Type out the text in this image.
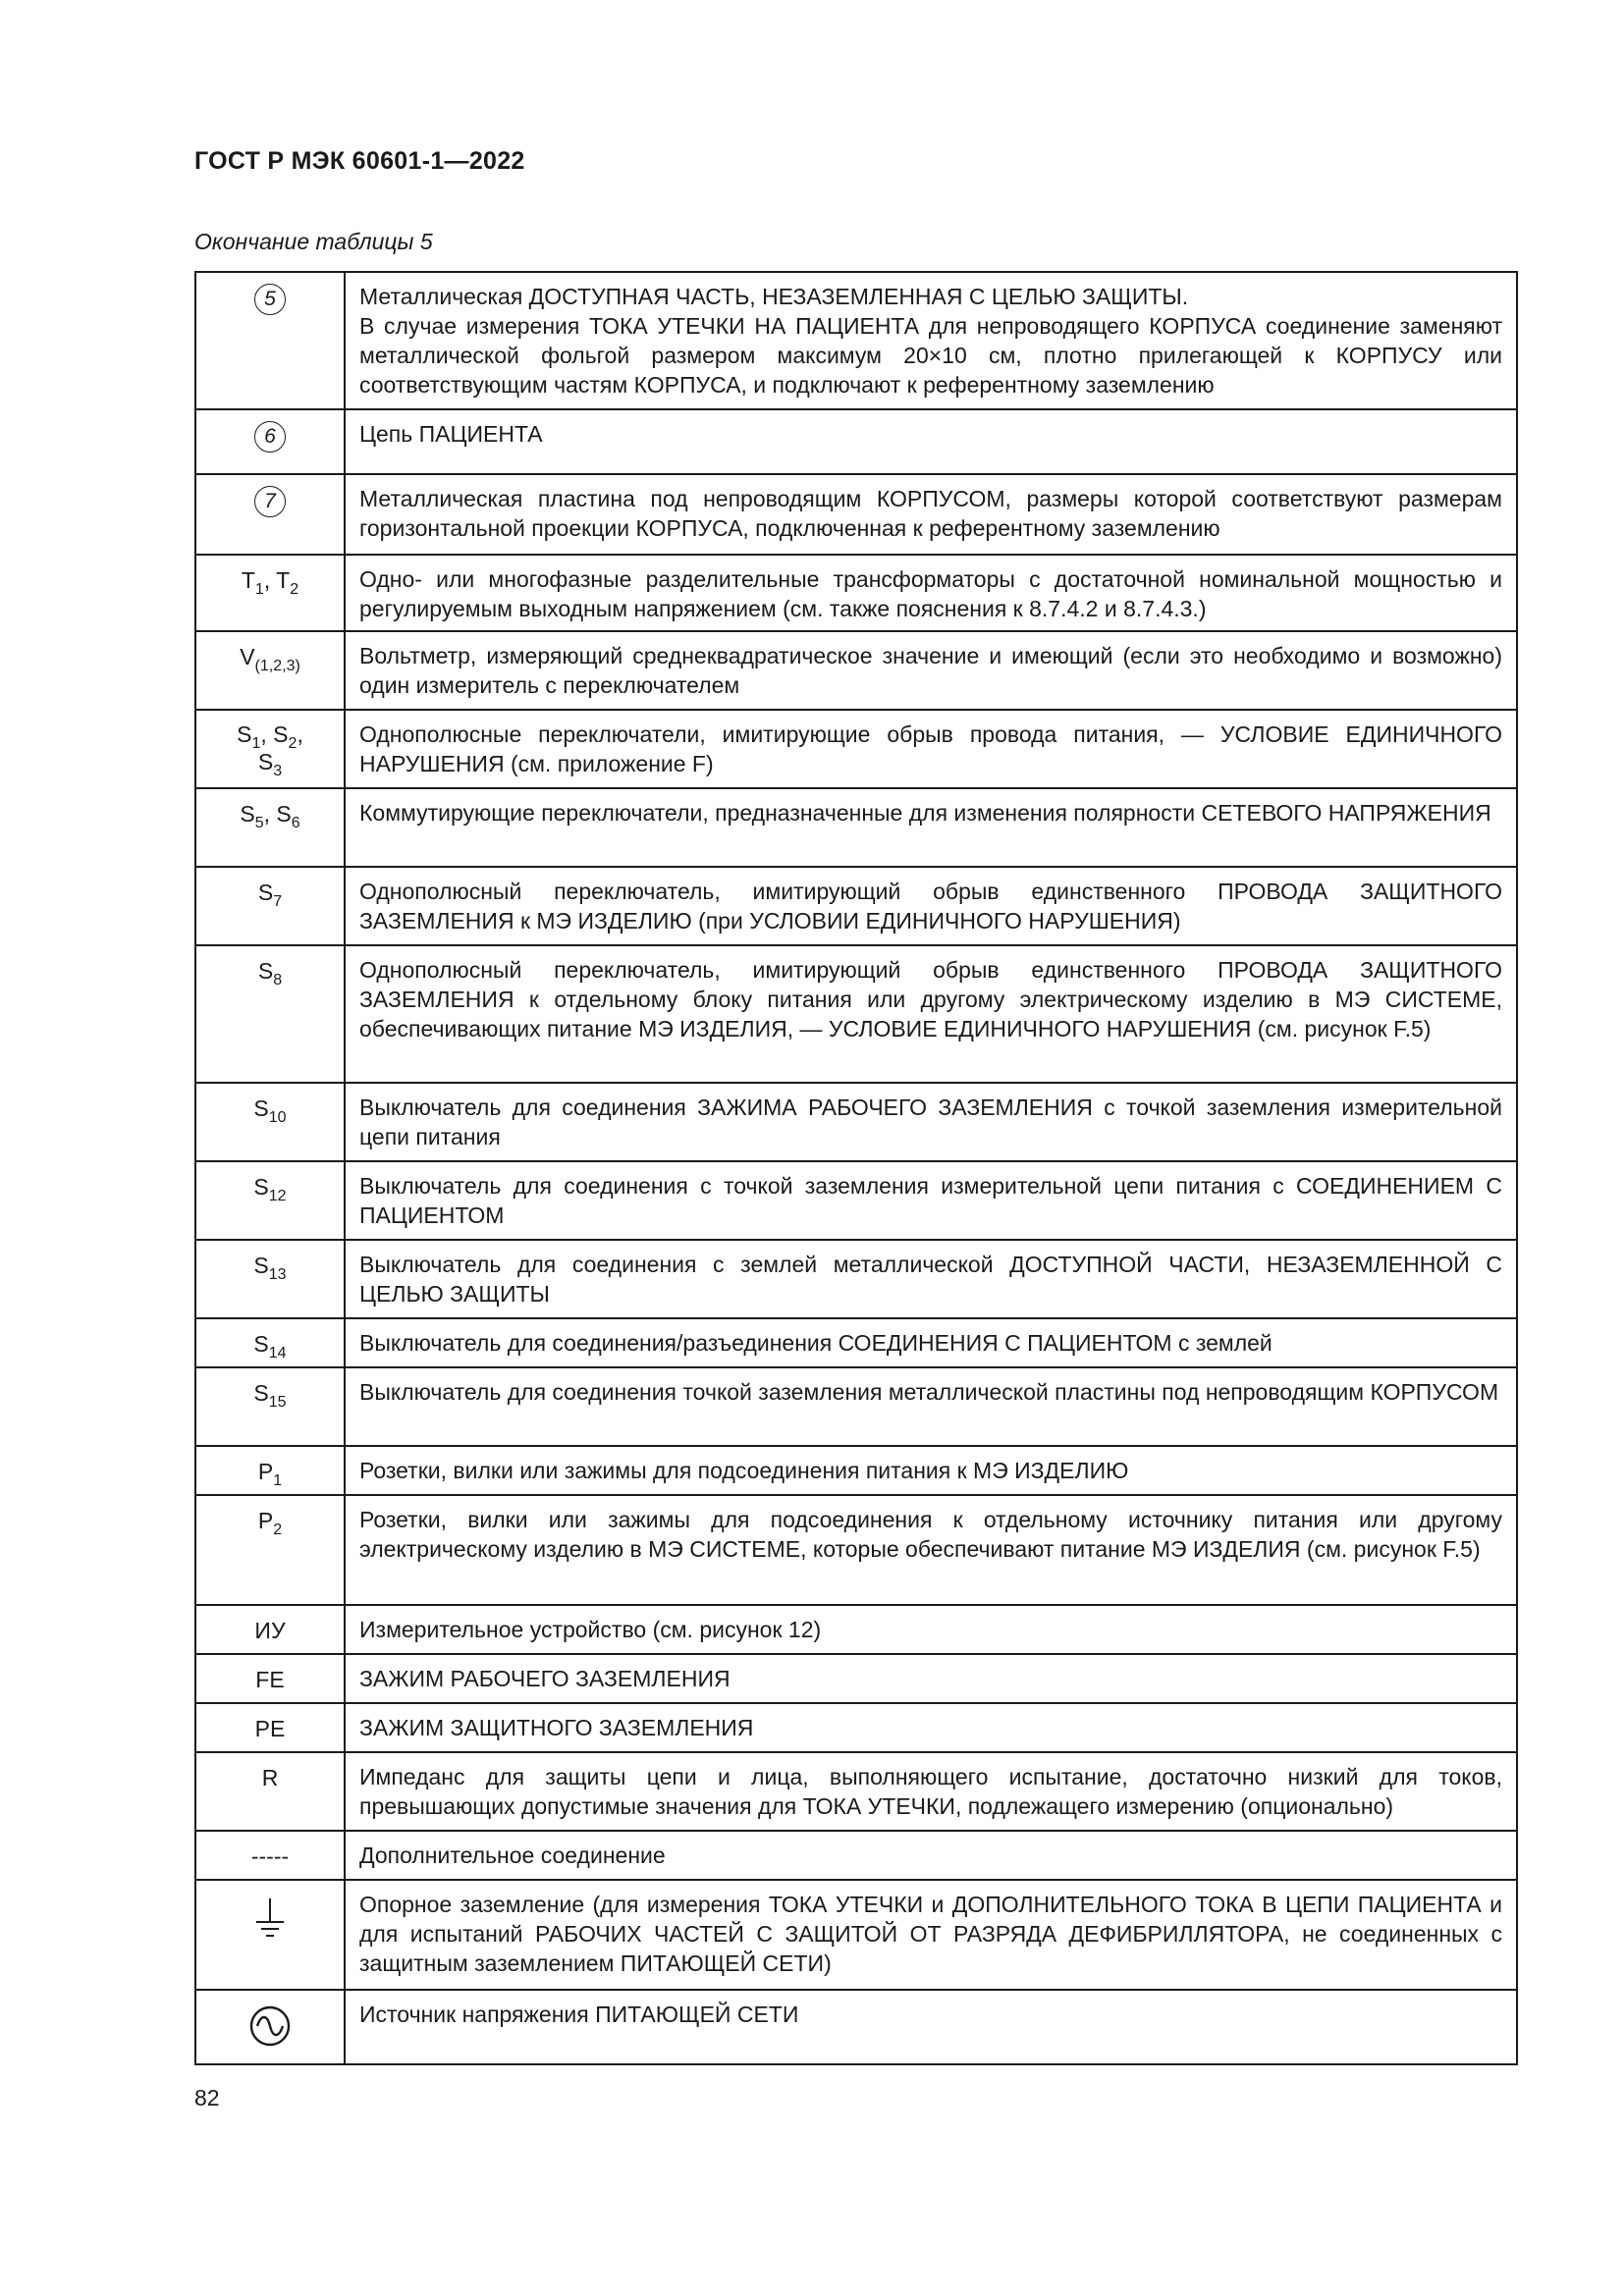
ГОСТ Р МЭК 60601-1—2022
Окончание таблицы 5
5	Металлическая ДОСТУПНАЯ ЧАСТЬ, НЕЗАЗЕМЛЕННАЯ С ЦЕЛЬЮ ЗАЩИТЫ.
В случае измерения ТОКА УТЕЧКИ НА ПАЦИЕНТА для непроводящего КОРПУСА соединение заменяют металлической фольгой размером максимум 20×10 см, плотно прилегающей к КОРПУСУ или соответствующим частям КОРПУСА, и подключают к референтному заземлению

6	Цепь ПАЦИЕНТА
7	Металлическая пластина под непроводящим КОРПУСОМ, размеры которой соответствуют размерам горизонтальной проекции КОРПУСА, подключенная к референтному заземлению
$T_1$, $T_2$	Одно- или многофазные разделительные трансформаторы с достаточной номинальной мощностью и регулируемым выходным напряжением (см. также пояснения к 8.7.4.2 и 8.7.4.3.)
$V_{(1,2,3)}$	Вольтметр, измеряющий среднеквадратическое значение и имеющий (если это необходимо и возможно) один измеритель с переключателем
$S_1$, $S_2$,
$S_3$	Однополюсные переключатели, имитирующие обрыв провода питания, — УСЛОВИЕ ЕДИНИЧНОГО НАРУШЕНИЯ (см. приложение F)
$S_5$, $S_6$	Коммутирующие переключатели, предназначенные для изменения полярности СЕТЕВОГО НАПРЯЖЕНИЯ
$S_7$	Однополюсный переключатель, имитирующий обрыв единственного ПРОВОДА ЗАЩИТНОГО ЗАЗЕМЛЕНИЯ к МЭ ИЗДЕЛИЮ (при УСЛОВИИ ЕДИНИЧНОГО НАРУШЕНИЯ)
$S_8$	Однополюсный переключатель, имитирующий обрыв единственного ПРОВОДА ЗАЩИТНОГО ЗАЗЕМЛЕНИЯ к отдельному блоку питания или другому электрическому изделию в МЭ СИСТЕМЕ, обеспечивающих питание МЭ ИЗДЕЛИЯ, — УСЛОВИЕ ЕДИНИЧНОГО НАРУШЕНИЯ (см. рисунок F.5)
$S_{10}$	Выключатель для соединения ЗАЖИМА РАБОЧЕГО ЗАЗЕМЛЕНИЯ с точкой заземления измерительной цепи питания
$S_{12}$	Выключатель для соединения с точкой заземления измерительной цепи питания с СОЕДИНЕНИЕМ С ПАЦИЕНТОМ
$S_{13}$	Выключатель для соединения с землей металлической ДОСТУПНОЙ ЧАСТИ, НЕЗАЗЕМЛЕННОЙ С ЦЕЛЬЮ ЗАЩИТЫ
$S_{14}$	Выключатель для соединения/разъединения СОЕДИНЕНИЯ С ПАЦИЕНТОМ с землей
$S_{15}$	Выключатель для соединения точкой заземления металлической пластины под непроводящим КОРПУСОМ
$P_1$	Розетки, вилки или зажимы для подсоединения питания к МЭ ИЗДЕЛИЮ
$P_2$	Розетки, вилки или зажимы для подсоединения к отдельному источнику питания или другому электрическому изделию в МЭ СИСТЕМЕ, которые обеспечивают питание МЭ ИЗДЕЛИЯ (см. рисунок F.5)
ИУ	Измерительное устройство (см. рисунок 12)
FE	ЗАЖИМ РАБОЧЕГО ЗАЗЕМЛЕНИЯ
PE	ЗАЖИМ ЗАЩИТНОГО ЗАЗЕМЛЕНИЯ
R	Импеданс для защиты цепи и лица, выполняющего испытание, достаточно низкий для токов, превышающих допустимые значения для ТОКА УТЕЧКИ, подлежащего измерению (опционально)
-----	Дополнительное соединение
	Опорное заземление (для измерения ТОКА УТЕЧКИ и ДОПОЛНИТЕЛЬНОГО ТОКА В ЦЕПИ ПАЦИЕНТА и для испытаний РАБОЧИХ ЧАСТЕЙ С ЗАЩИТОЙ ОТ РАЗРЯДА ДЕФИБРИЛЛЯТОРА, не соединенных с защитным заземлением ПИТАЮЩЕЙ СЕТИ)
	Источник напряжения ПИТАЮЩЕЙ СЕТИ
82
